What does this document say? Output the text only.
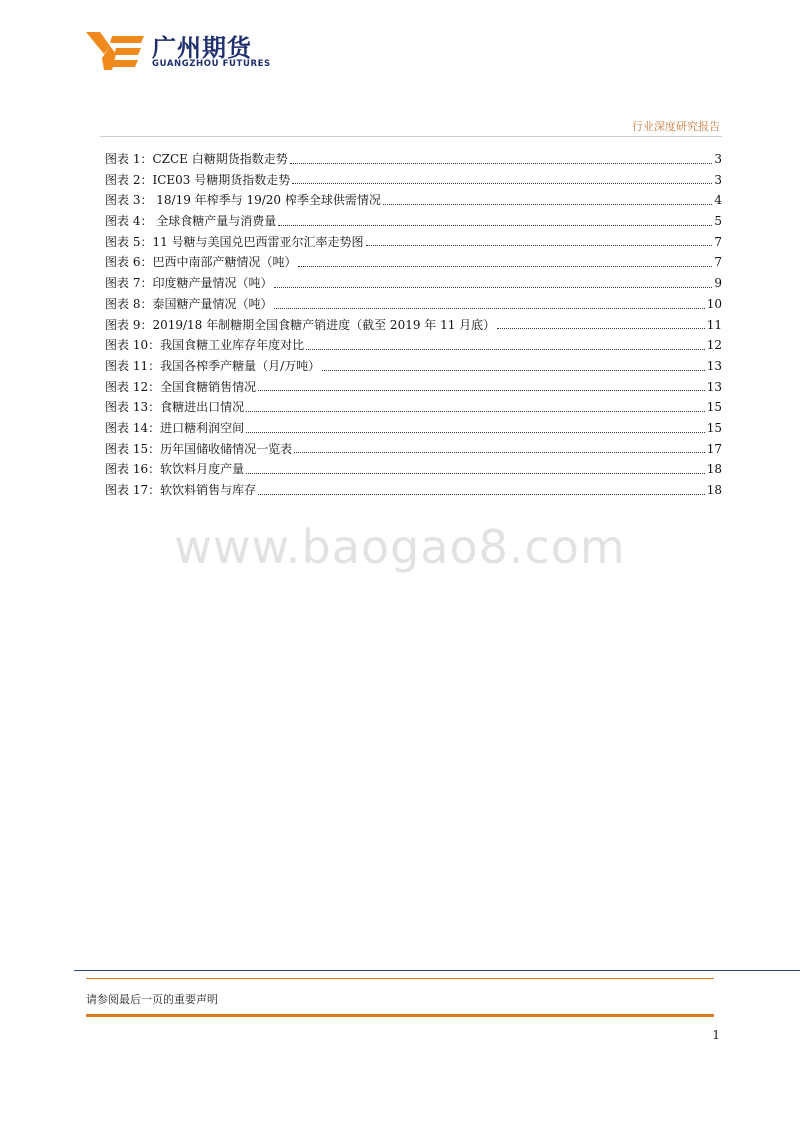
广州期货
GUANGZHOU FUTURES
行业深度研究报告
图表 1：CZCE 白糖期货指数走势	3
图表 2：ICE03 号糖期货指数走势	3
图表 3： 18/19 年榨季与 19/20 榨季全球供需情况	4
图表 4： 全球食糖产量与消费量	5
图表 5：11 号糖与美国兑巴西雷亚尔汇率走势图	7
图表 6：巴西中南部产糖情况（吨）	7
图表 7：印度糖产量情况（吨）	9
图表 8：泰国糖产量情况（吨）	10
图表 9：2019/18 年制糖期全国食糖产销进度（截至 2019 年 11 月底）	11
图表 10：我国食糖工业库存年度对比	12
图表 11：我国各榨季产糖量（月/万吨）	13
图表 12：全国食糖销售情况	13
图表 13：食糖进出口情况	15
图表 14：进口糖利润空间	15
图表 15：历年国储收储情况一览表	17
图表 16：软饮料月度产量	18
图表 17：软饮料销售与库存	18
www.baogao8.com
请参阅最后一页的重要声明
1
